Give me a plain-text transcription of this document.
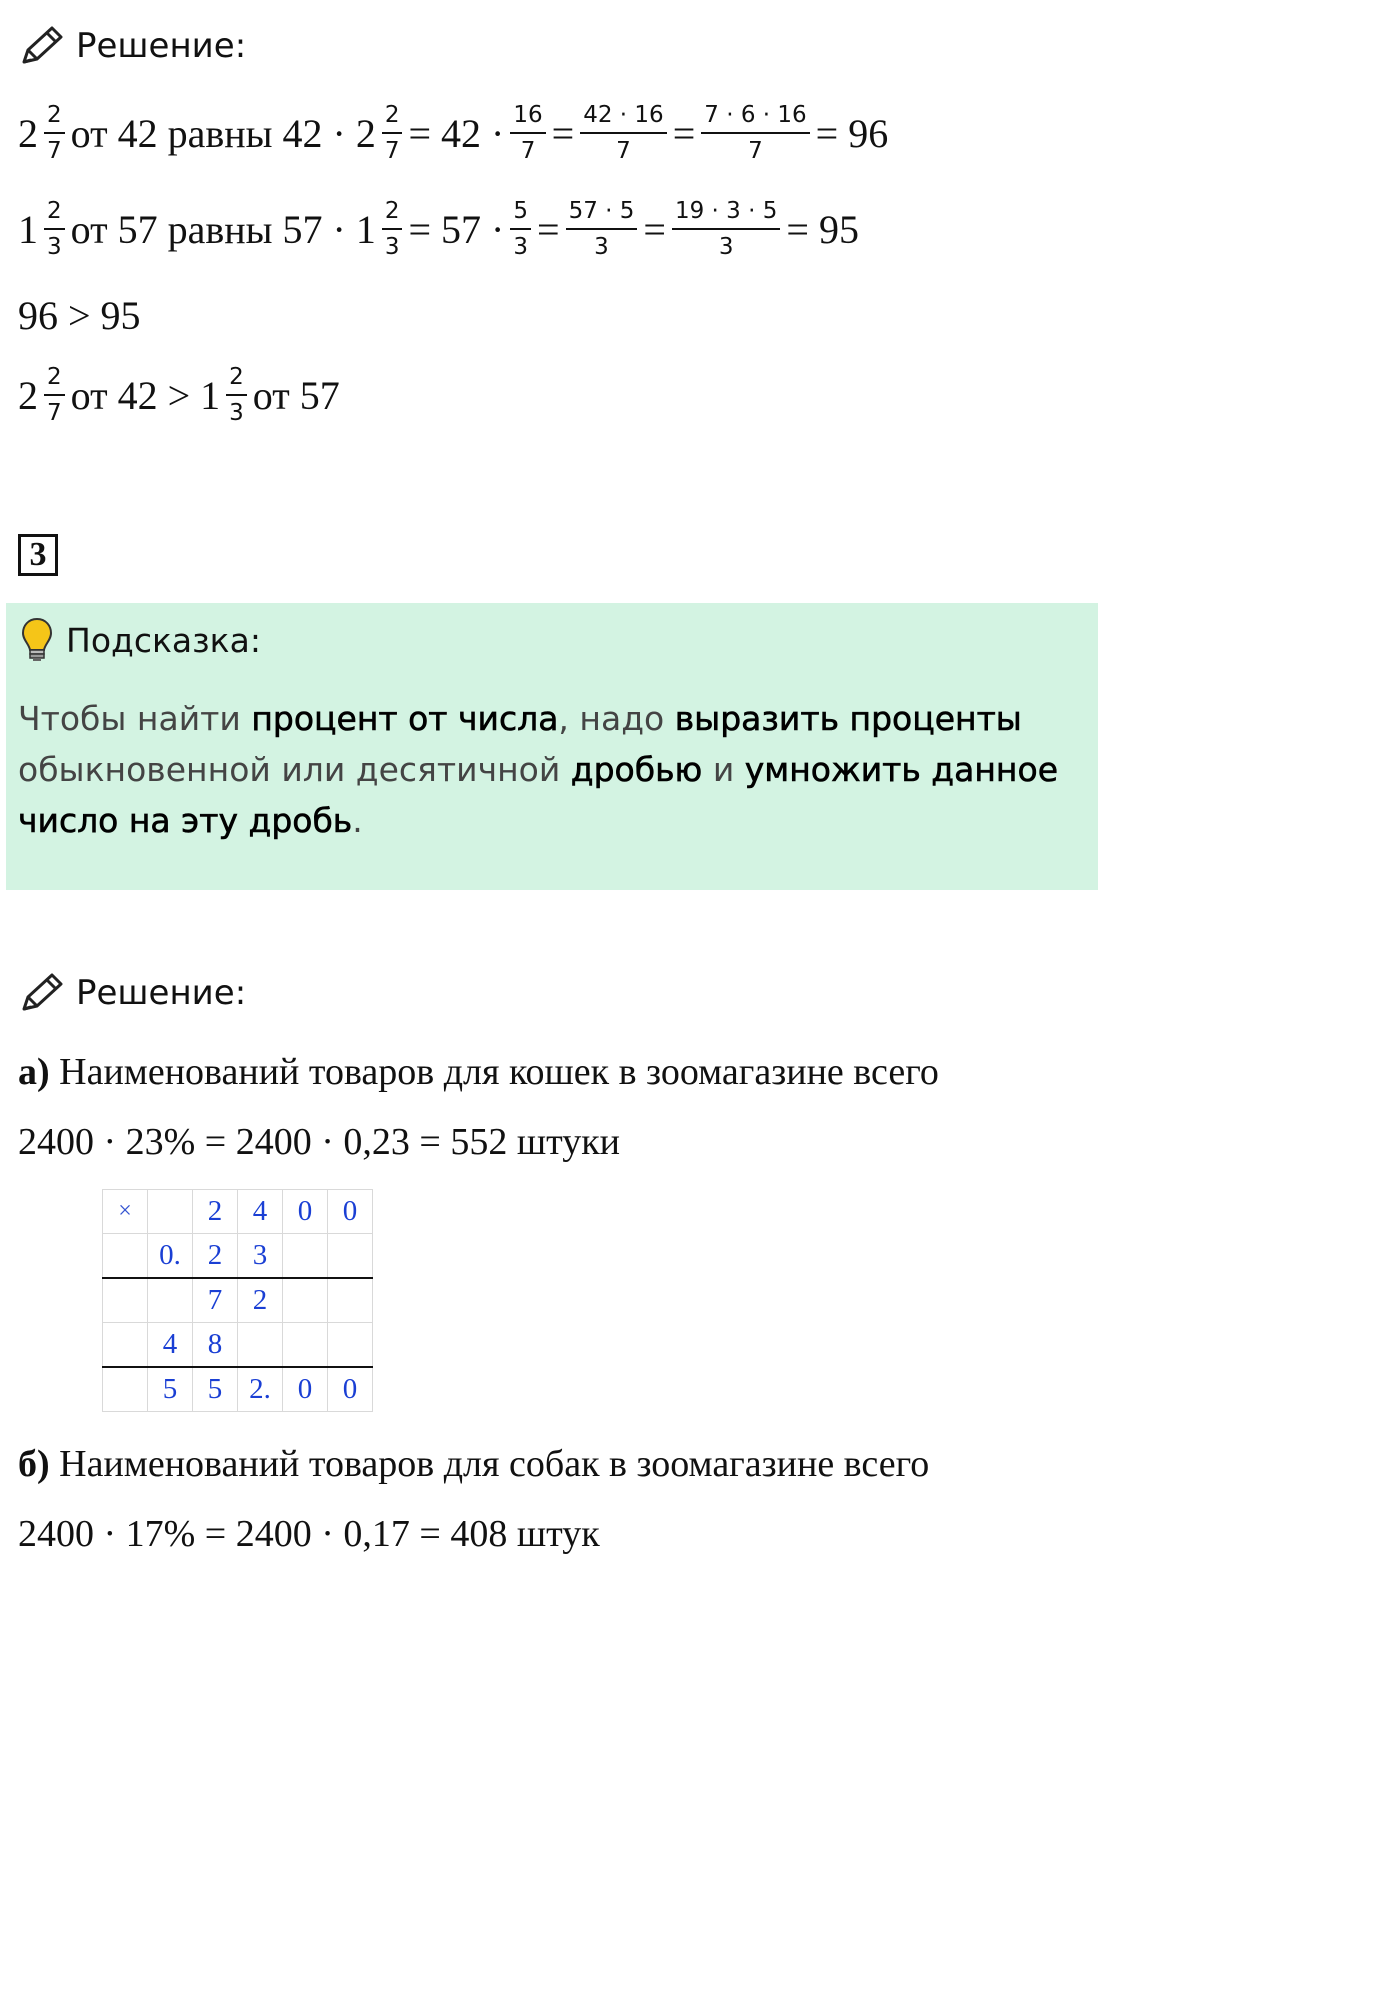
Решение:
$2 \frac{2}{7}$ от 42 равны $42 \cdot 2 \frac{2}{7} = 42 \cdot \frac{16}{7} = \frac{42 \cdot 16}{7} = \frac{7 \cdot 6 \cdot 16}{7} = 96$
$1 \frac{2}{3}$ от 57 равны $57 \cdot 1 \frac{2}{3} = 57 \cdot \frac{5}{3} = \frac{57 \cdot 5}{3} = \frac{19 \cdot 3 \cdot 5}{3} = 95$
96 > 95
$2 \frac{2}{7}$ от $42 > 1 \frac{2}{3}$ от 57
3
Подсказка:
Чтобы найти процент от числа, надо выразить проценты обыкновенной или десятичной дробью и умножить данное число на эту дробь.
Решение:
а) Наименований товаров для кошек в зоомагазине всего
2400 · 23% = 2400 · 0,23 = 552 штуки
×		2	4	0	0
	0.	2	3		
		7	2		
	4	8			
	5	5	2.	0	0
б) Наименований товаров для собак в зоомагазине всего
2400 · 17% = 2400 · 0,17 = 408 штук
